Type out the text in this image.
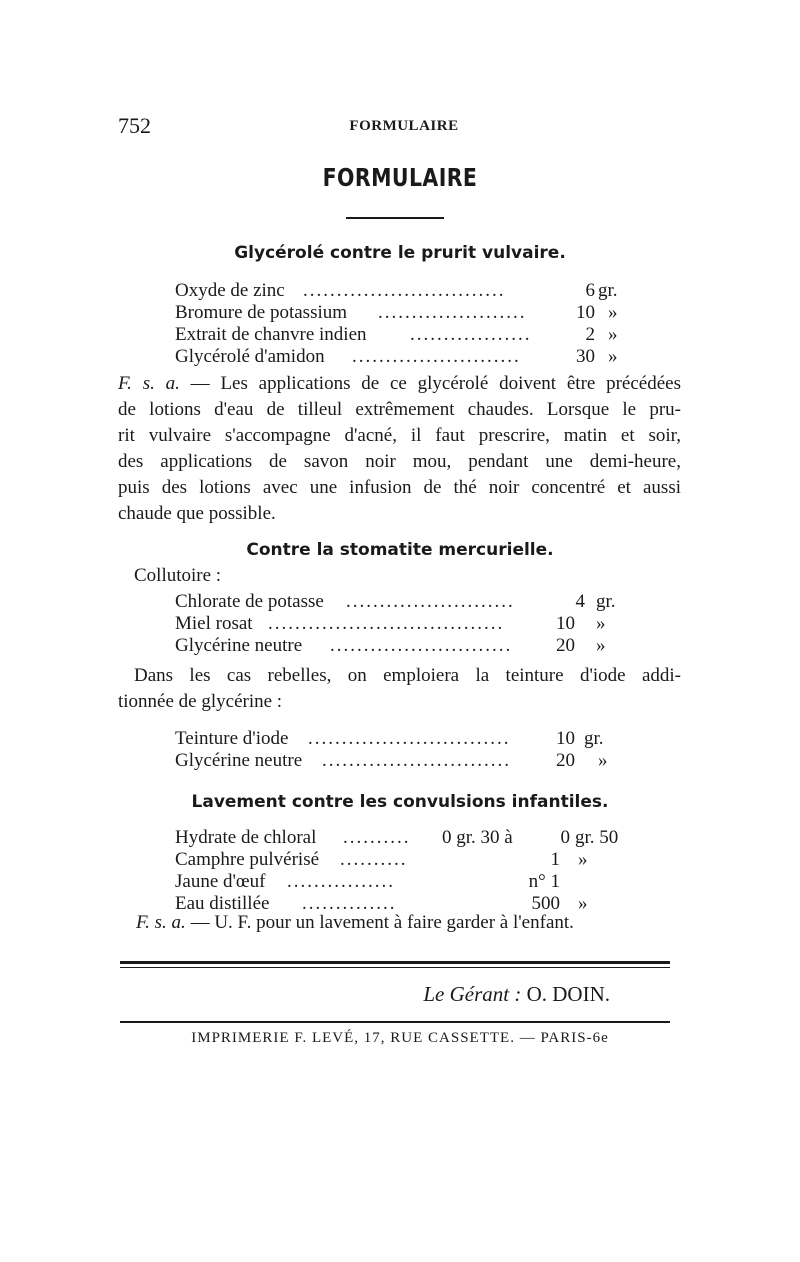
752	FORMULAIRE
FORMULAIRE
Glycérolé contre le prurit vulvaire.
Oxyde de zinc ..............................	6 gr.
Bromure de potassium ......................	10 »
Extrait de chanvre indien ..................	2 »
Glycérolé d'amidon .........................	30 »
F. s. a. — Les applications de ce glycérolé doivent être précédées
de lotions d'eau de tilleul extrêmement chaudes. Lorsque le pru-
rit vulvaire s'accompagne d'acné, il faut prescrire, matin et soir,
des applications de savon noir mou, pendant une demi-heure,
puis des lotions avec une infusion de thé noir concentré et aussi
chaude que possible.
Contre la stomatite mercurielle.
Collutoire :
Chlorate de potasse .........................	4 gr.
Miel rosat ...................................	10 »
Glycérine neutre ...........................	20 »
Dans les cas rebelles, on emploiera la teinture d'iode addi-
tionnée de glycérine :
Teinture d'iode ..............................	10 gr.
Glycérine neutre ............................	20 »
Lavement contre les convulsions infantiles.
Hydrate de chloral ..........	0 gr. 30 à	0 gr. 50
Camphre pulvérisé ..........	1 »
Jaune d'œuf ................	n° 1
Eau distillée ..............	500 »
F. s. a. — U. F. pour un lavement à faire garder à l'enfant.
Le Gérant : O. DOIN.
IMPRIMERIE F. LEVÉ, 17, RUE CASSETTE. — PARIS-6e
